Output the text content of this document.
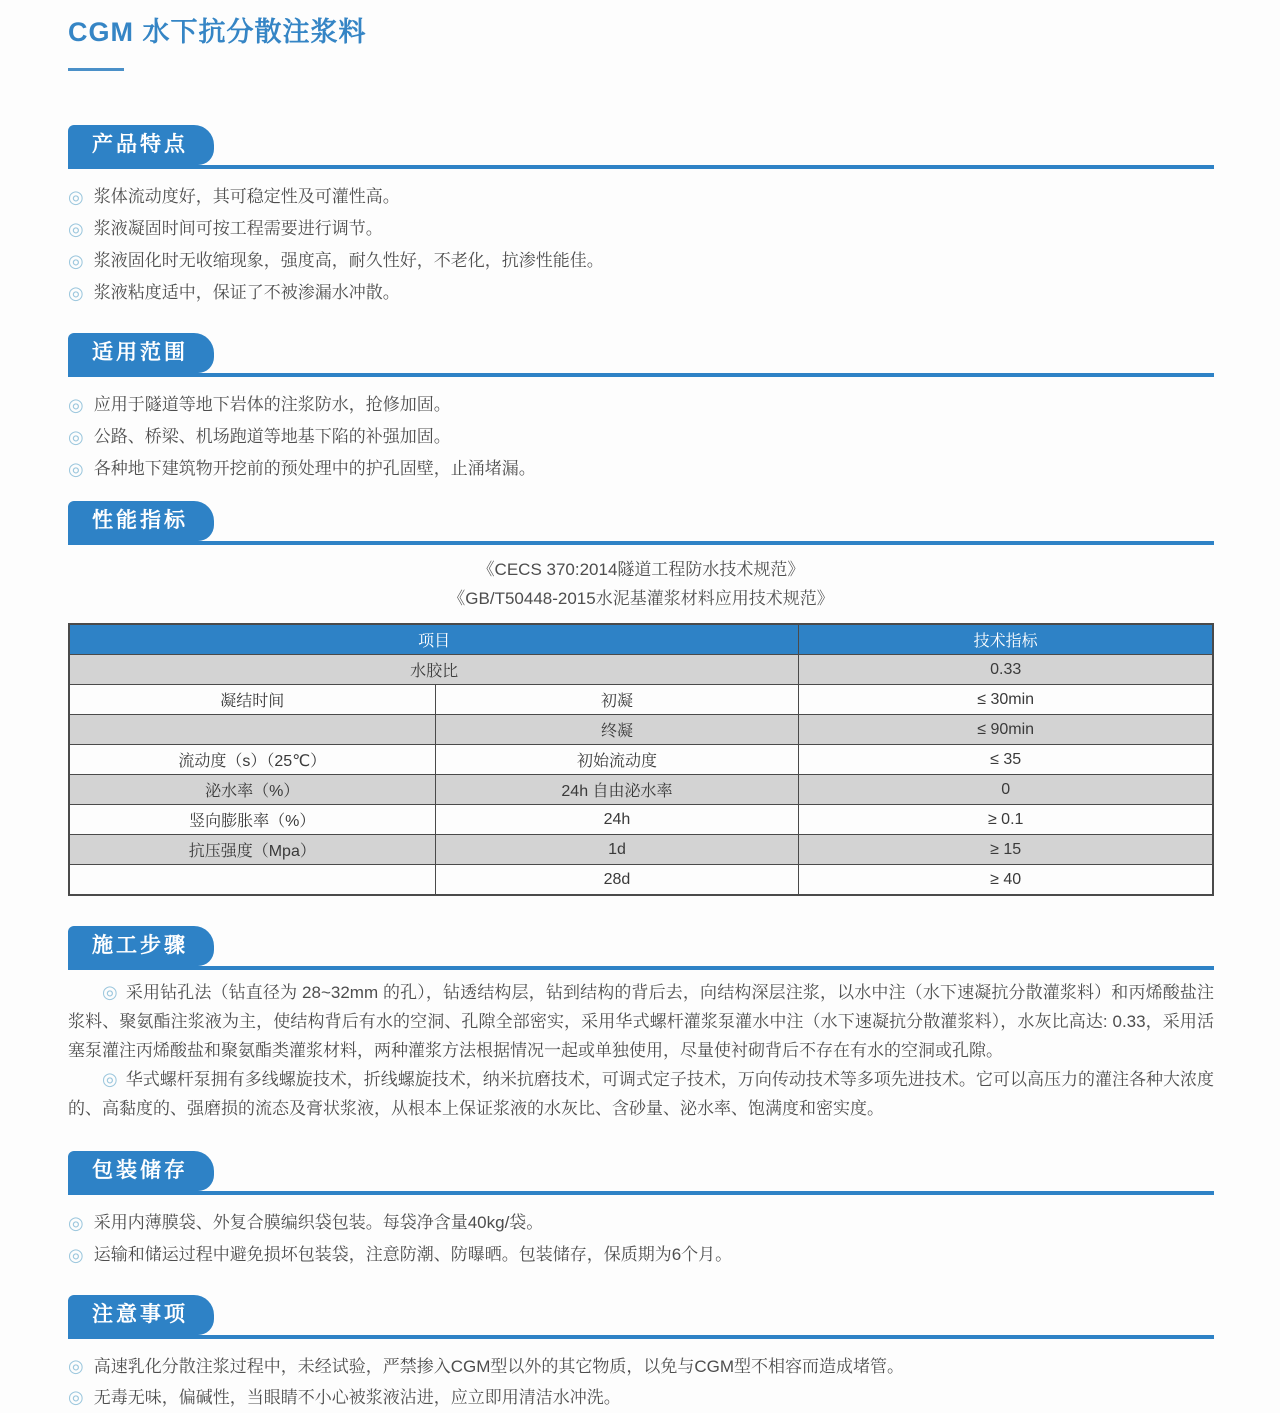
CGM 水下抗分散注浆料
产品特点
◎ 浆体流动度好，其可稳定性及可灌性高。
◎ 浆液凝固时间可按工程需要进行调节。
◎ 浆液固化时无收缩现象，强度高，耐久性好，不老化，抗渗性能佳。
◎ 浆液粘度适中，保证了不被渗漏水冲散。
适用范围
◎ 应用于隧道等地下岩体的注浆防水，抢修加固。
◎ 公路、桥梁、机场跑道等地基下陷的补强加固。
◎ 各种地下建筑物开挖前的预处理中的护孔固壁，止涌堵漏。
性能指标
《CECS 370:2014隧道工程防水技术规范》
《GB/T50448-2015水泥基灌浆材料应用技术规范》
项目		技术指标
水胶比		0.33
凝结时间	初凝	≤ 30min
	终凝	≤ 90min
流动度（s）（25℃）	初始流动度	≤ 35
泌水率（%）	24h 自由泌水率	0
竖向膨胀率（%）	24h	≥ 0.1
抗压强度（Mpa）	1d	≥ 15
	28d	≥ 40
施工步骤

◎ 采用钻孔法（钻直径为 28~32mm 的孔），钻透结构层，钻到结构的背后去，向结构深层注浆，以水中注（水下速凝抗分散灌浆料）和丙烯酸盐注浆料、聚氨酯注浆液为主，使结构背后有水的空洞、孔隙全部密实，采用华式螺杆灌浆泵灌水中注（水下速凝抗分散灌浆料），水灰比高达: 0.33，采用活塞泵灌注丙烯酸盐和聚氨酯类灌浆材料，两种灌浆方法根据情况一起或单独使用，尽量使衬砌背后不存在有水的空洞或孔隙。

◎ 华式螺杆泵拥有多线螺旋技术，折线螺旋技术，纳米抗磨技术，可调式定子技术，万向传动技术等多项先进技术。它可以高压力的灌注各种大浓度的、高黏度的、强磨损的流态及膏状浆液，从根本上保证浆液的水灰比、含砂量、泌水率、饱满度和密实度。

包装储存
◎ 采用内薄膜袋、外复合膜编织袋包装。每袋净含量40kg/袋。
◎ 运输和储运过程中避免损坏包装袋，注意防潮、防曝晒。包装储存，保质期为6个月。
注意事项
◎ 高速乳化分散注浆过程中，未经试验，严禁掺入CGM型以外的其它物质，以免与CGM型不相容而造成堵管。
◎ 无毒无味，偏碱性，当眼睛不小心被浆液沾进，应立即用清洁水冲洗。
